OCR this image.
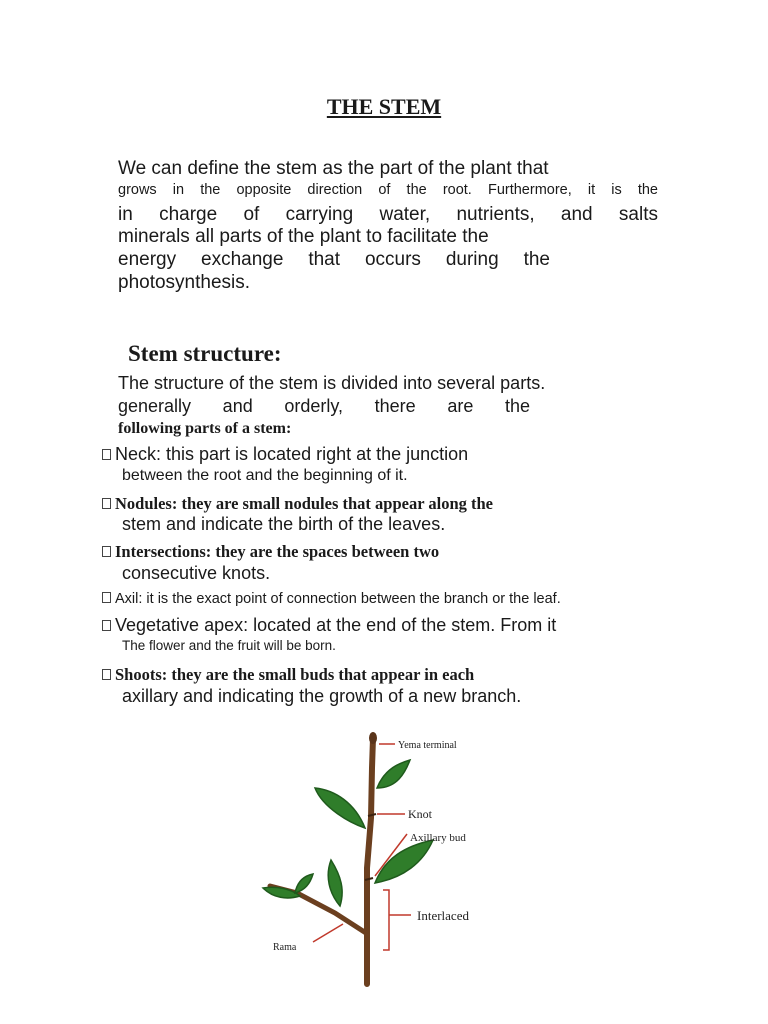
THE STEM

We can define the stem as the part of the plant that

grows in the opposite direction of the root. Furthermore, it is the

in charge of carrying water, nutrients, and salts

minerals all parts of the plant to facilitate the

energy exchange that occurs during the

photosynthesis.

Stem structure:

The structure of the stem is divided into several parts.

generally and orderly, there are the

following parts of a stem:

Neck: this part is located right at the junction

between the root and the beginning of it.

Nodules: they are small nodules that appear along the

stem and indicate the birth of the leaves.

Intersections: they are the spaces between two

consecutive knots.

Axil: it is the exact point of connection between the branch or the leaf.

Vegetative apex: located at the end of the stem. From it

The flower and the fruit will be born.

Shoots: they are the small buds that appear in each

axillary and indicating the growth of a new branch.

Yema terminal
Knot
Axillary bud
Interlaced
Rama
